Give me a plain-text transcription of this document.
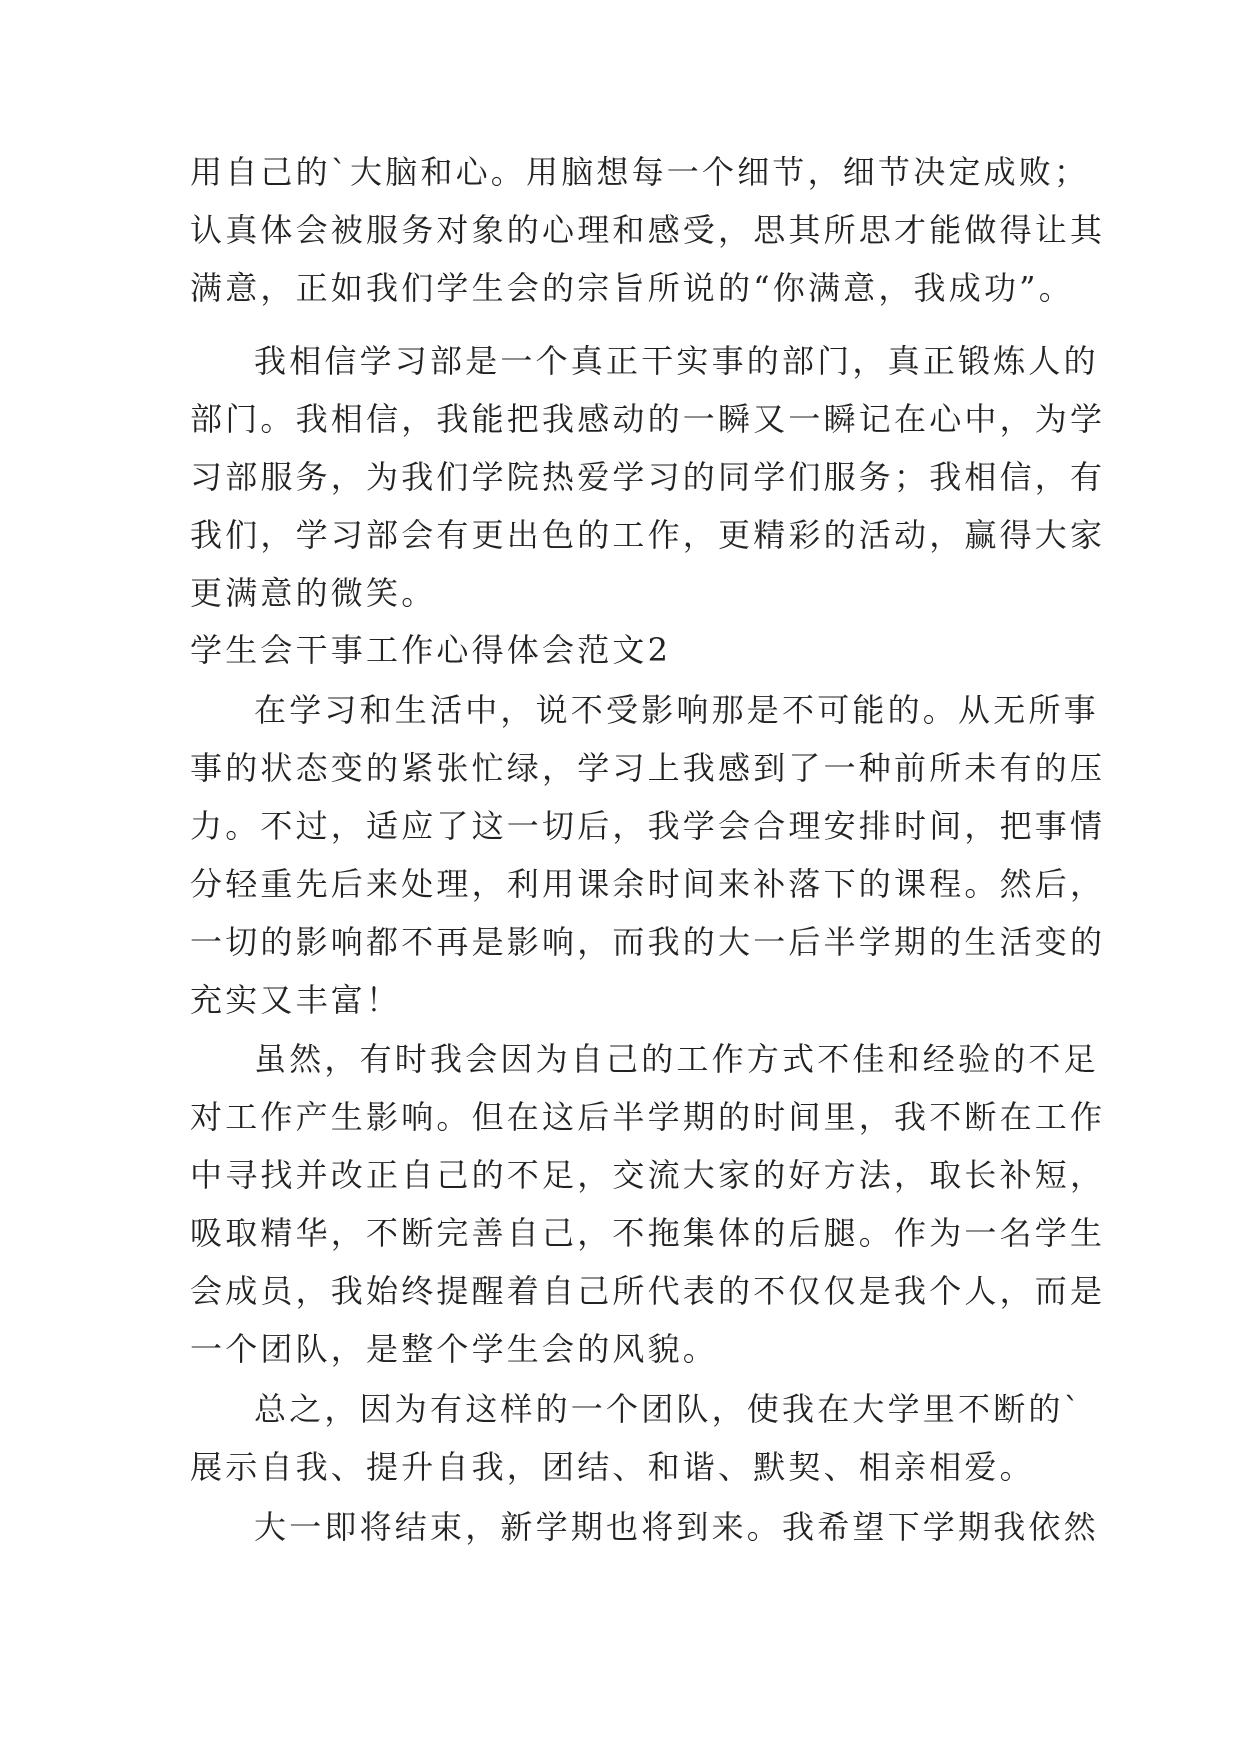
用自己的`大脑和心。用脑想每一个细节，细节决定成败；

认真体会被服务对象的心理和感受，思其所思才能做得让其

满意，正如我们学生会的宗旨所说的“你满意，我成功”。

我相信学习部是一个真正干实事的部门，真正锻炼人的

部门。我相信，我能把我感动的一瞬又一瞬记在心中，为学

习部服务，为我们学院热爱学习的同学们服务；我相信，有

我们，学习部会有更出色的工作，更精彩的活动，赢得大家

更满意的微笑。

学生会干事工作心得体会范文2

在学习和生活中，说不受影响那是不可能的。从无所事

事的状态变的紧张忙绿，学习上我感到了一种前所未有的压

力。不过，适应了这一切后，我学会合理安排时间，把事情

分轻重先后来处理，利用课余时间来补落下的课程。然后，

一切的影响都不再是影响，而我的大一后半学期的生活变的

充实又丰富！

虽然，有时我会因为自己的工作方式不佳和经验的不足

对工作产生影响。但在这后半学期的时间里，我不断在工作

中寻找并改正自己的不足，交流大家的好方法，取长补短，

吸取精华，不断完善自己，不拖集体的后腿。作为一名学生

会成员，我始终提醒着自己所代表的不仅仅是我个人，而是

一个团队，是整个学生会的风貌。

总之，因为有这样的一个团队，使我在大学里不断的`

展示自我、提升自我，团结、和谐、默契、相亲相爱。

大一即将结束，新学期也将到来。我希望下学期我依然
